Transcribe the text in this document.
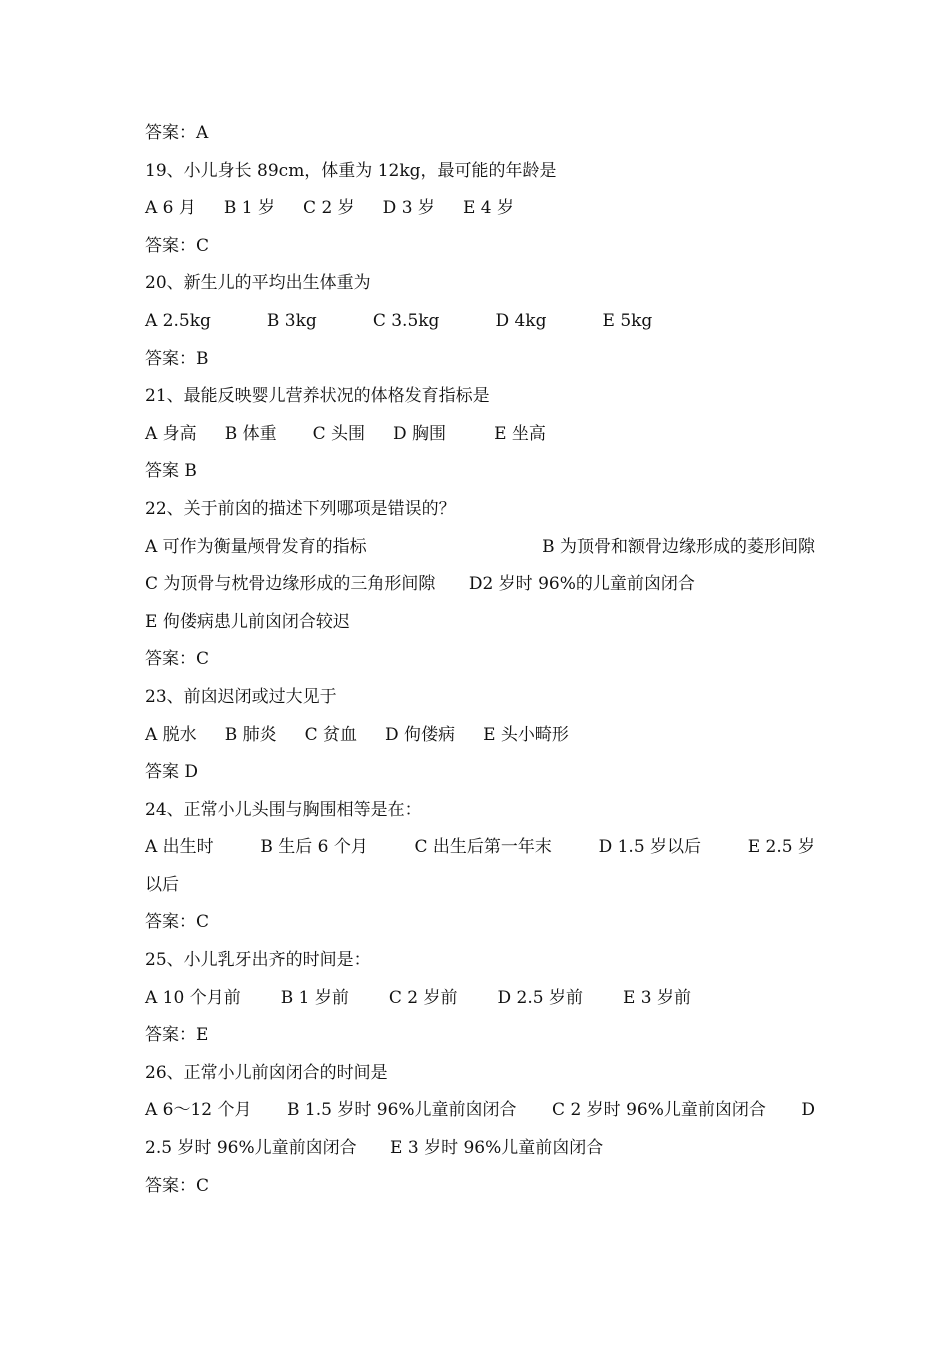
答案：A
19、小儿身长 89cm，体重为 12kg，最可能的年龄是
A 6 月 B 1 岁 C 2 岁 D 3 岁 E 4 岁
答案：C
20、新生儿的平均出生体重为
A 2.5kg	B 3kg	C 3.5kg	D 4kg	E 5kg
答案：B
21、最能反映婴儿营养状况的体格发育指标是
A 身高 B 体重 C 头围 D 胸围	E 坐高
答案 B
22、关于前囟的描述下列哪项是错误的？
A 可作为衡量颅骨发育的指标	B 为顶骨和额骨边缘形成的菱形间隙
C 为顶骨与枕骨边缘形成的三角形间隙 D2 岁时 96%的儿童前囟闭合
E 佝偻病患儿前囟闭合较迟
答案：C
23、前囟迟闭或过大见于
A 脱水 B 肺炎 C 贫血 D 佝偻病 E 头小畸形
答案 D
24、正常小儿头围与胸围相等是在：
A 出生时	B 生后 6 个月	C 出生后第一年末	D 1.5 岁以后	E 2.5 岁
以后
答案：C
25、小儿乳牙出齐的时间是：
A 10 个月前 B 1 岁前 C 2 岁前 D 2.5 岁前 E 3 岁前
答案：E
26、正常小儿前囟闭合的时间是
A 6～12 个月 B 1.5 岁时 96%儿童前囟闭合 C 2 岁时 96%儿童前囟闭合 D
2.5 岁时 96%儿童前囟闭合 E 3 岁时 96%儿童前囟闭合
答案：C
